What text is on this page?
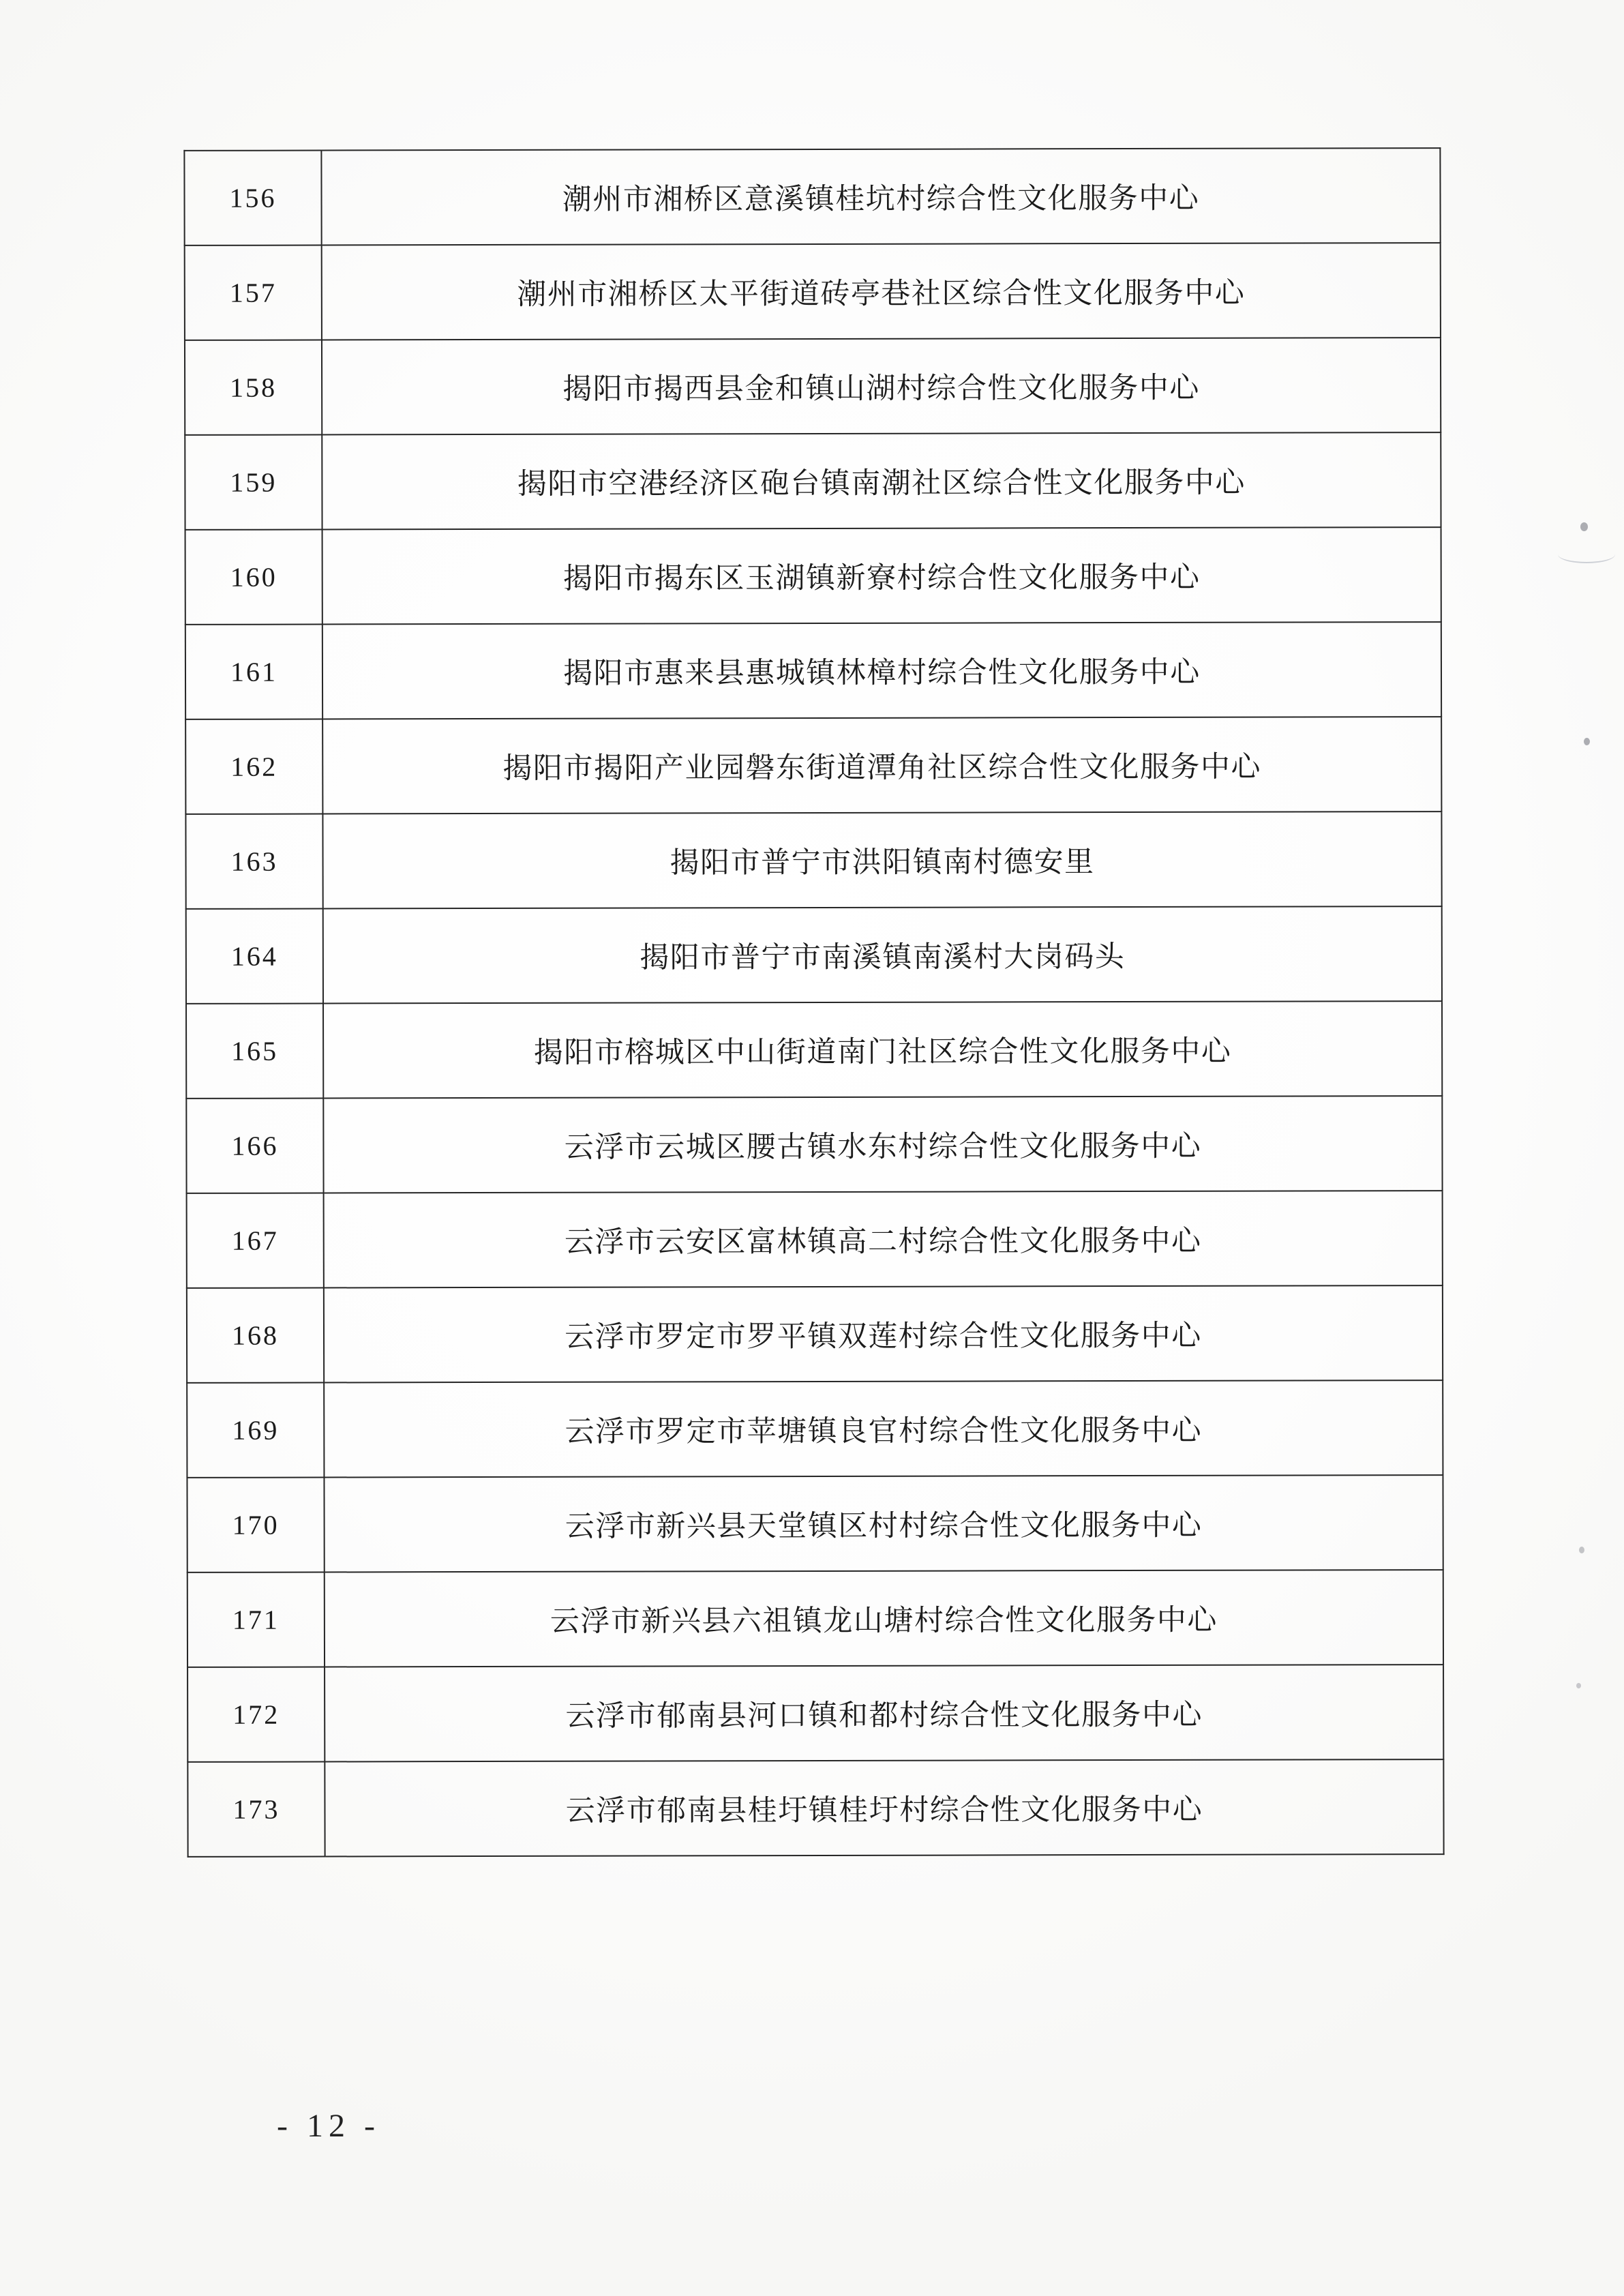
156	潮州市湘桥区意溪镇桂坑村综合性文化服务中心
157	潮州市湘桥区太平街道砖亭巷社区综合性文化服务中心
158	揭阳市揭西县金和镇山湖村综合性文化服务中心
159	揭阳市空港经济区砲台镇南潮社区综合性文化服务中心
160	揭阳市揭东区玉湖镇新寮村综合性文化服务中心
161	揭阳市惠来县惠城镇林樟村综合性文化服务中心
162	揭阳市揭阳产业园磐东街道潭角社区综合性文化服务中心
163	揭阳市普宁市洪阳镇南村德安里
164	揭阳市普宁市南溪镇南溪村大岗码头
165	揭阳市榕城区中山街道南门社区综合性文化服务中心
166	云浮市云城区腰古镇水东村综合性文化服务中心
167	云浮市云安区富林镇高二村综合性文化服务中心
168	云浮市罗定市罗平镇双莲村综合性文化服务中心
169	云浮市罗定市苹塘镇良官村综合性文化服务中心
170	云浮市新兴县天堂镇区村村综合性文化服务中心
171	云浮市新兴县六祖镇龙山塘村综合性文化服务中心
172	云浮市郁南县河口镇和都村综合性文化服务中心
173	云浮市郁南县桂圩镇桂圩村综合性文化服务中心
- 12 -
